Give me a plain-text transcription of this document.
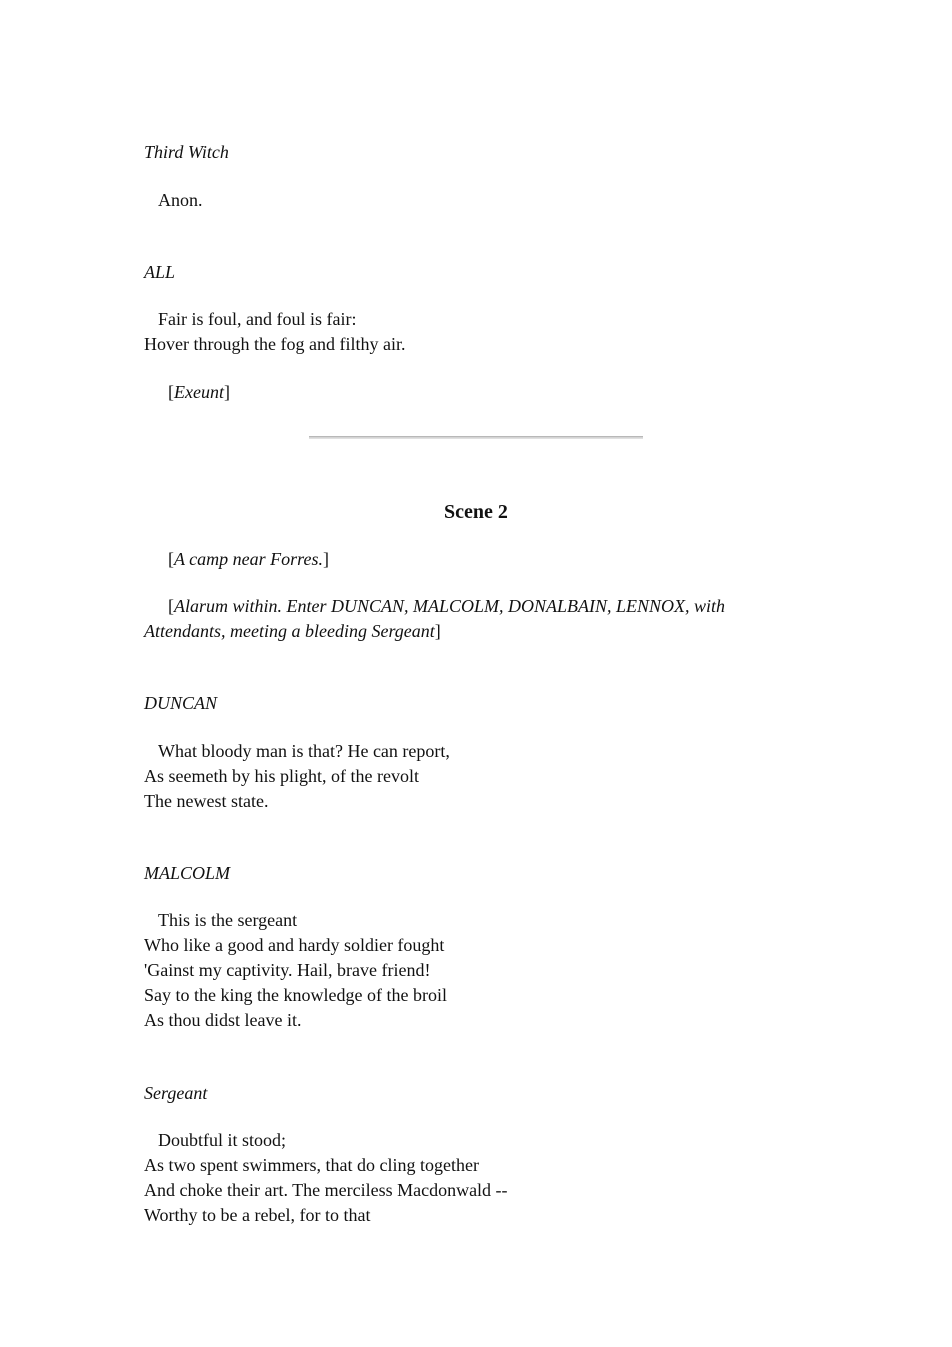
Third Witch
Anon.
ALL
Fair is foul, and foul is fair:
Hover through the fog and filthy air.
[Exeunt]
Scene 2
[A camp near Forres.]
[Alarum within. Enter DUNCAN, MALCOLM, DONALBAIN, LENNOX, with
Attendants, meeting a bleeding Sergeant]
DUNCAN
What bloody man is that? He can report,
As seemeth by his plight, of the revolt
The newest state.
MALCOLM
This is the sergeant
Who like a good and hardy soldier fought
'Gainst my captivity. Hail, brave friend!
Say to the king the knowledge of the broil
As thou didst leave it.
Sergeant
Doubtful it stood;
As two spent swimmers, that do cling together
And choke their art. The merciless Macdonwald --
Worthy to be a rebel, for to that
